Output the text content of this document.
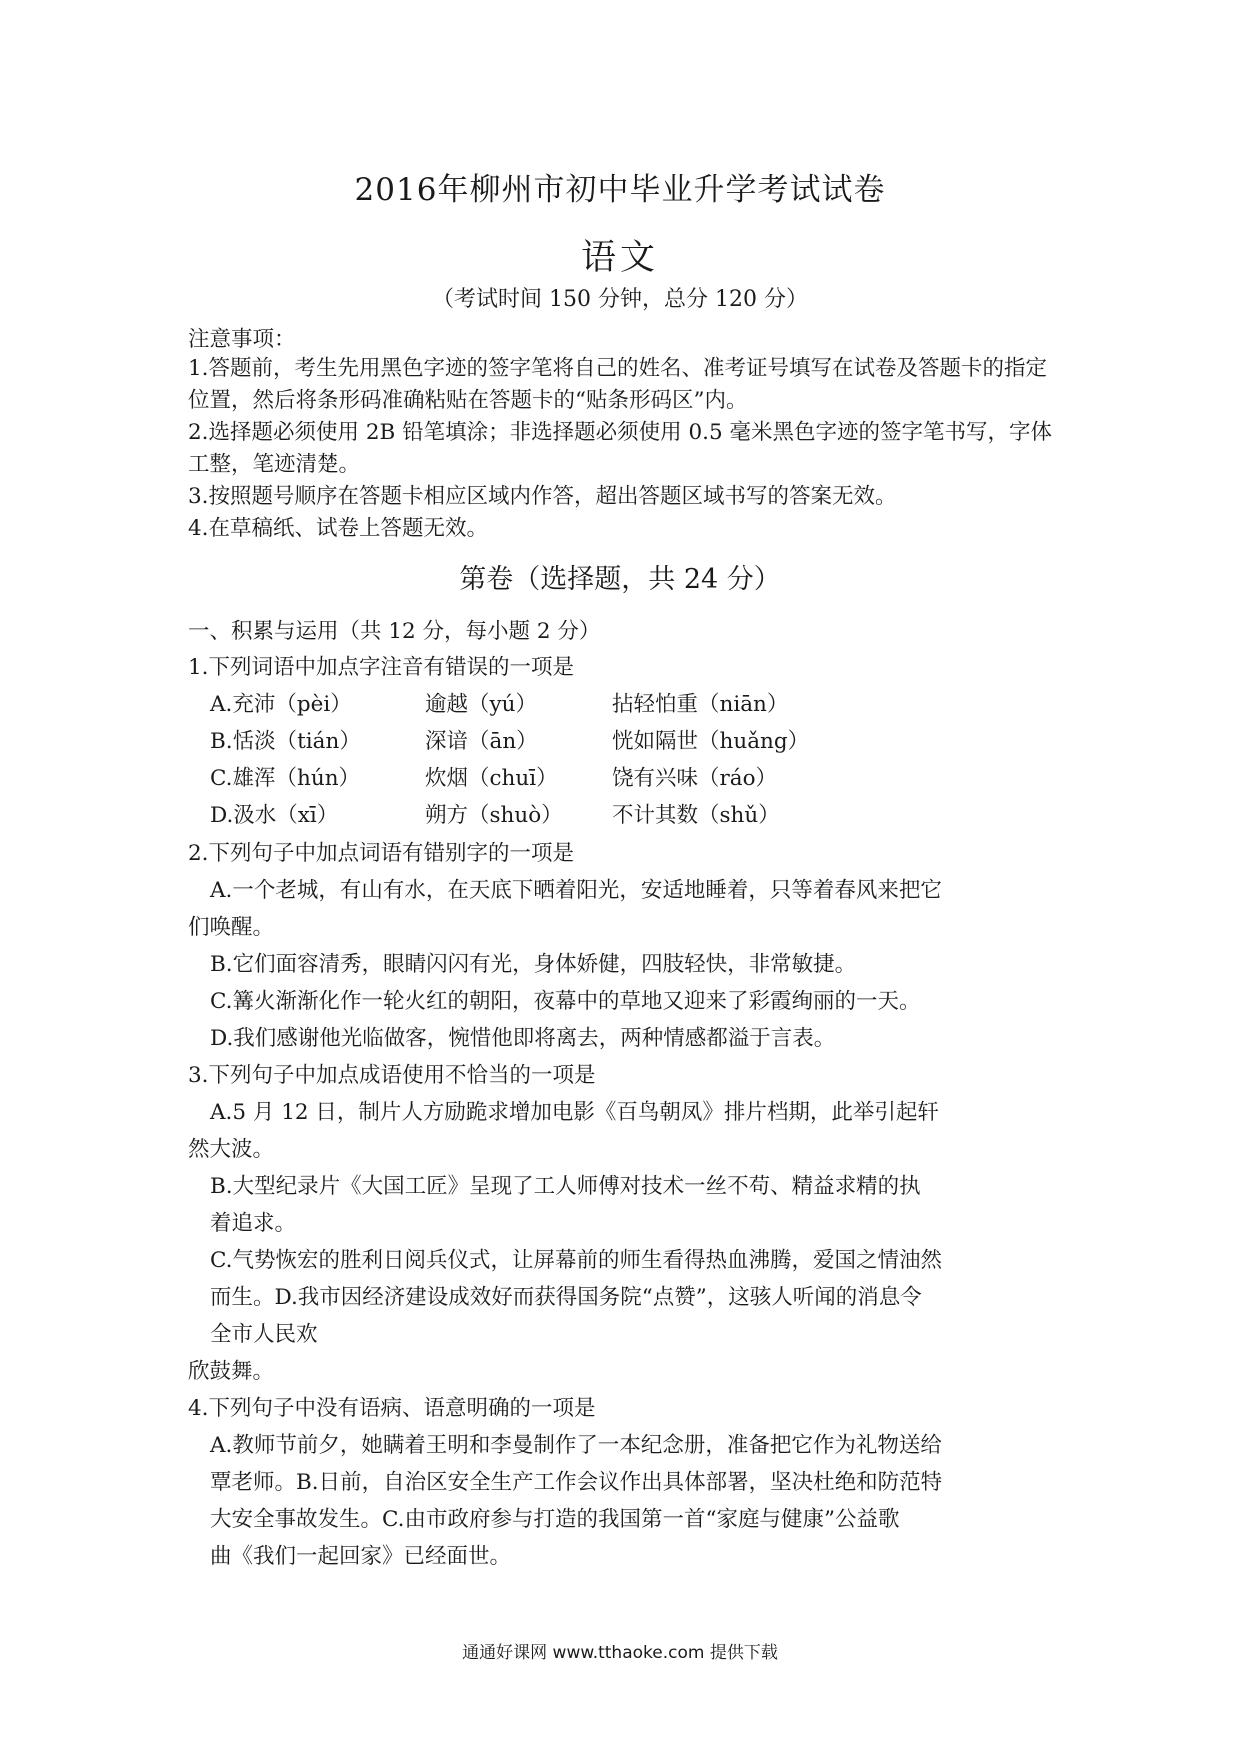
2016年柳州市初中毕业升学考试试卷
语文
（考试时间 150 分钟，总分 120 分）
注意事项：
1.答题前，考生先用黑色字迹的签字笔将自己的姓名、准考证号填写在试卷及答题卡的指定
位置，然后将条形码准确粘贴在答题卡的“贴条形码区”内。
2.选择题必须使用 2B 铅笔填涂；非选择题必须使用 0.5 毫米黑色字迹的签字笔书写，字体
工整，笔迹清楚。
3.按照题号顺序在答题卡相应区域内作答，超出答题区域书写的答案无效。
4.在草稿纸、试卷上答题无效。
第卷（选择题，共 24 分）
一、积累与运用（共 12 分，每小题 2 分）
1.下列词语中加点字注音有错误的一项是
A.充沛（pèi）	逾越（yú）	拈轻怕重（niān）
B.恬淡（tián）	深谙（ān）	恍如隔世（huǎng）
C.雄浑（hún）	炊烟（chuī）	饶有兴味（ráo）
D.汲水（xī）	朔方（shuò） 不计其数（shǔ）
2.下列句子中加点词语有错别字的一项是
A.一个老城，有山有水，在天底下晒着阳光，安适地睡着，只等着春风来把它
们唤醒。
B.它们面容清秀，眼睛闪闪有光，身体娇健，四肢轻快，非常敏捷。
C.篝火渐渐化作一轮火红的朝阳，夜幕中的草地又迎来了彩霞绚丽的一天。
D.我们感谢他光临做客，惋惜他即将离去，两种情感都溢于言表。
3.下列句子中加点成语使用不恰当的一项是
A.5 月 12 日，制片人方励跪求增加电影《百鸟朝凤》排片档期，此举引起轩
然大波。
B.大型纪录片《大国工匠》呈现了工人师傅对技术一丝不苟、精益求精的执
着追求。
C.气势恢宏的胜利日阅兵仪式，让屏幕前的师生看得热血沸腾，爱国之情油然
而生。D.我市因经济建设成效好而获得国务院“点赞”，这骇人听闻的消息令
全市人民欢
欣鼓舞。
4.下列句子中没有语病、语意明确的一项是
A.教师节前夕，她瞒着王明和李曼制作了一本纪念册，准备把它作为礼物送给
覃老师。B.日前，自治区安全生产工作会议作出具体部署，坚决杜绝和防范特
大安全事故发生。C.由市政府参与打造的我国第一首“家庭与健康”公益歌
曲《我们一起回家》已经面世。
通通好课网 www.tthaoke.com 提供下载
